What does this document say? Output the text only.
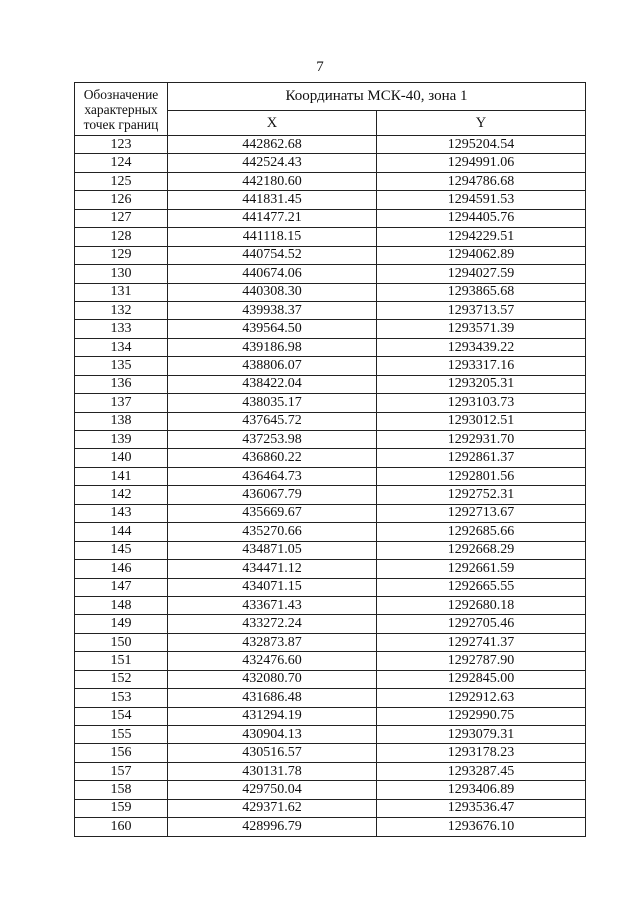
7
Обозначение характерных точек границ	Координаты МСК-40, зона 1	
	X	Y
123	442862.68	1295204.54
124	442524.43	1294991.06
125	442180.60	1294786.68
126	441831.45	1294591.53
127	441477.21	1294405.76
128	441118.15	1294229.51
129	440754.52	1294062.89
130	440674.06	1294027.59
131	440308.30	1293865.68
132	439938.37	1293713.57
133	439564.50	1293571.39
134	439186.98	1293439.22
135	438806.07	1293317.16
136	438422.04	1293205.31
137	438035.17	1293103.73
138	437645.72	1293012.51
139	437253.98	1292931.70
140	436860.22	1292861.37
141	436464.73	1292801.56
142	436067.79	1292752.31
143	435669.67	1292713.67
144	435270.66	1292685.66
145	434871.05	1292668.29
146	434471.12	1292661.59
147	434071.15	1292665.55
148	433671.43	1292680.18
149	433272.24	1292705.46
150	432873.87	1292741.37
151	432476.60	1292787.90
152	432080.70	1292845.00
153	431686.48	1292912.63
154	431294.19	1292990.75
155	430904.13	1293079.31
156	430516.57	1293178.23
157	430131.78	1293287.45
158	429750.04	1293406.89
159	429371.62	1293536.47
160	428996.79	1293676.10
